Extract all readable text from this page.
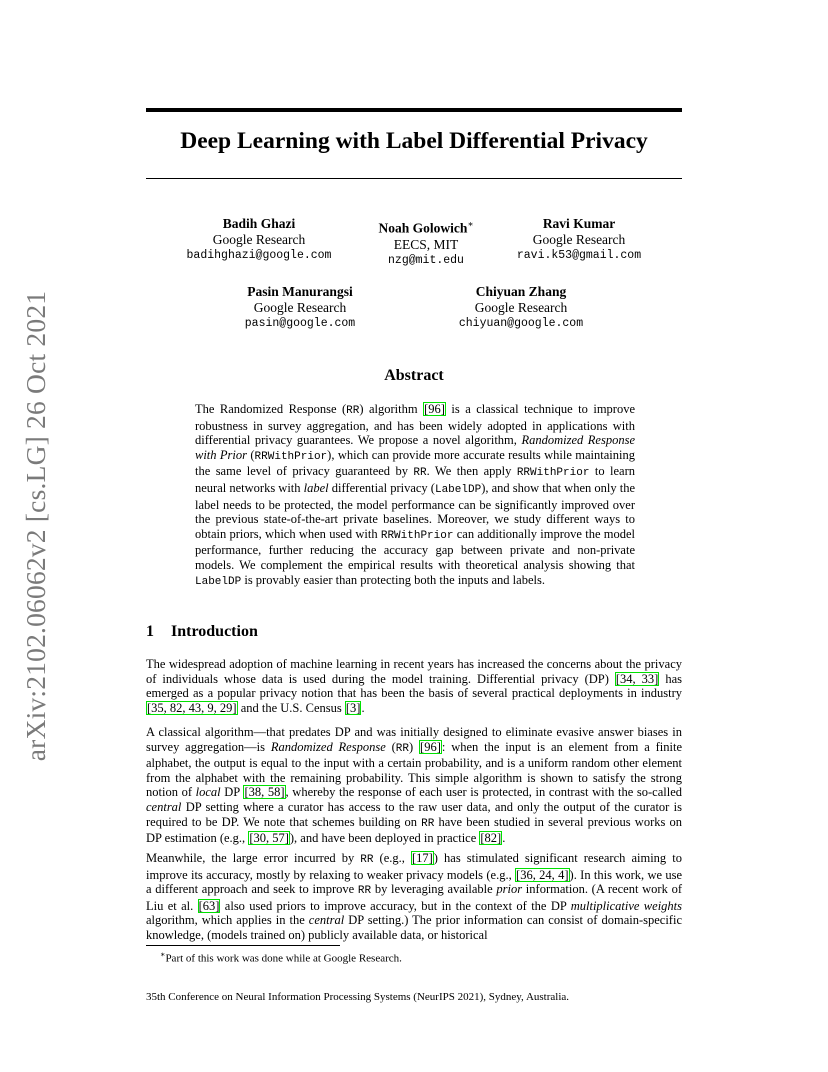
arXiv:2102.06062v2 [cs.LG] 26 Oct 2021
Deep Learning with Label Differential Privacy
Badih Ghazi
Google Research
badihghazi@google.com
Noah Golowich∗
EECS, MIT
nzg@mit.edu
Ravi Kumar
Google Research
ravi.k53@gmail.com
Pasin Manurangsi
Google Research
pasin@google.com
Chiyuan Zhang
Google Research
chiyuan@google.com
Abstract

The Randomized Response (RR) algorithm [96] is a classical technique to improve robustness in survey aggregation, and has been widely adopted in applications with differential privacy guarantees. We propose a novel algorithm, Randomized Response with Prior (RRWithPrior), which can provide more accurate results while maintaining the same level of privacy guaranteed by RR. We then apply RRWithPrior to learn neural networks with label differential privacy (LabelDP), and show that when only the label needs to be protected, the model performance can be significantly improved over the previous state-of-the-art private baselines. Moreover, we study different ways to obtain priors, which when used with RRWithPrior can additionally improve the model performance, further reducing the accuracy gap between private and non-private models. We complement the empirical results with theoretical analysis showing that LabelDP is provably easier than protecting both the inputs and labels.

1 Introduction

The widespread adoption of machine learning in recent years has increased the concerns about the privacy of individuals whose data is used during the model training. Differential privacy (DP) [34, 33] has emerged as a popular privacy notion that has been the basis of several practical deployments in industry [35, 82, 43, 9, 29] and the U.S. Census [3].

A classical algorithm—that predates DP and was initially designed to eliminate evasive answer biases in survey aggregation—is Randomized Response (RR) [96]: when the input is an element from a finite alphabet, the output is equal to the input with a certain probability, and is a uniform random other element from the alphabet with the remaining probability. This simple algorithm is shown to satisfy the strong notion of local DP [38, 58], whereby the response of each user is protected, in contrast with the so-called central DP setting where a curator has access to the raw user data, and only the output of the curator is required to be DP. We note that schemes building on RR have been studied in several previous works on DP estimation (e.g., [30, 57]), and have been deployed in practice [82].

Meanwhile, the large error incurred by RR (e.g., [17]) has stimulated significant research aiming to improve its accuracy, mostly by relaxing to weaker privacy models (e.g., [36, 24, 4]). In this work, we use a different approach and seek to improve RR by leveraging available prior information. (A recent work of Liu et al. [63] also used priors to improve accuracy, but in the context of the DP multiplicative weights algorithm, which applies in the central DP setting.) The prior information can consist of domain-specific knowledge, (models trained on) publicly available data, or historical

∗Part of this work was done while at Google Research.
35th Conference on Neural Information Processing Systems (NeurIPS 2021), Sydney, Australia.
